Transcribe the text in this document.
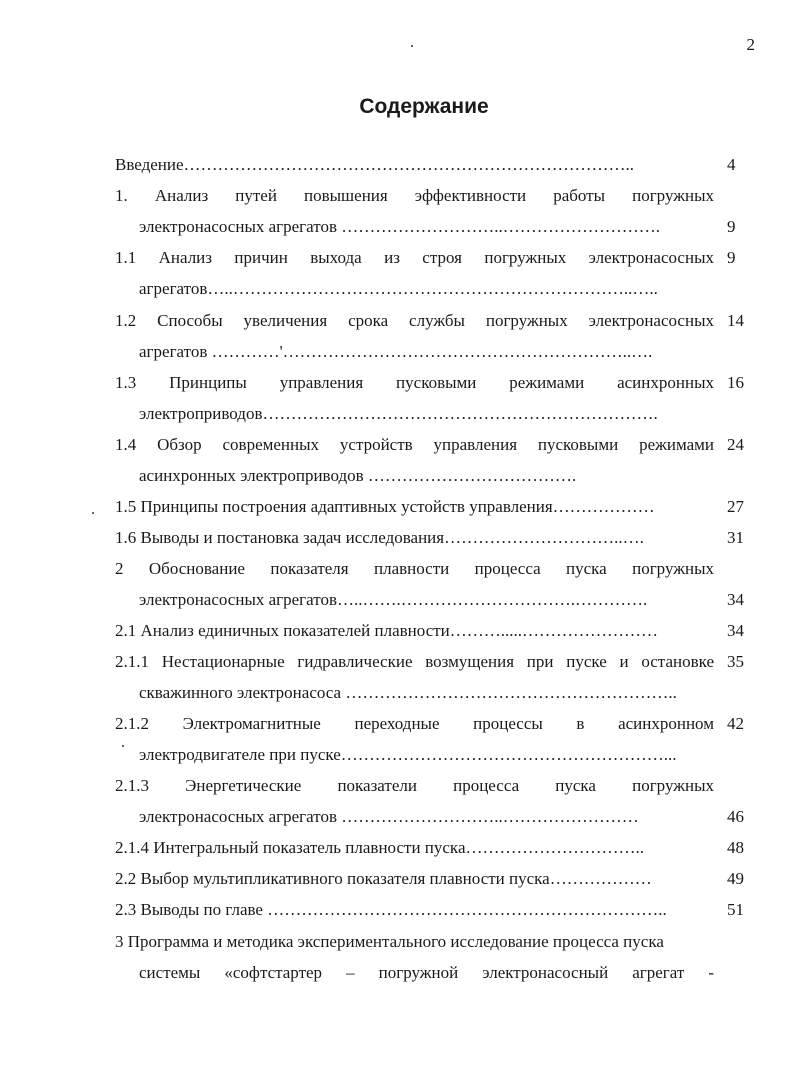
2
Содержание
Введение……………………………………………………………………..	4
1. Анализ путей повышения эффективности работы погружных
электронасосных агрегатов ………………………..……………………….	9
1.1 Анализ причин выхода из строя погружных электронасосных 9
агрегатов…..……………………………………………………………..…..
1.2 Способы увеличения срока службы погружных электронасосных 14
агрегатов …………'……………………………………………………..….
1.3 Принципы управления пусковыми режимами асинхронных 16
электроприводов…………………………………………………………….
1.4 Обзор современных устройств управления пусковыми режимами 24
асинхронных электроприводов ……………………………….
1.5 Принципы построения адаптивных устойств управления………………	27
1.6 Выводы и постановка задач исследования…………………………..….	31
2 Обоснование показателя плавности процесса пуска погружных
электронасосных агрегатов…..…….………………………….………….	34
2.1 Анализ единичных показателей плавности……….....……………………	34
2.1.1 Нестационарные гидравлические возмущения при пуске и остановке 35
скважинного электронасоса …………………………………………………..
2.1.2 Электромагнитные переходные процессы в асинхронном 42
электродвигателе при пуске…………………………………………………...
2.1.3 Энергетические показатели процесса пуска погружных
электронасосных агрегатов ………………………..……………………	46
2.1.4 Интегральный показатель плавности пуска…………………………..	48
2.2 Выбор мультипликативного показателя плавности пуска………………	49
2.3 Выводы по главе ……………………………………………………………..	51
3 Программа и методика экспериментального исследование процесса пуска
системы «софтстартер – погружной электронасосный агрегат -
